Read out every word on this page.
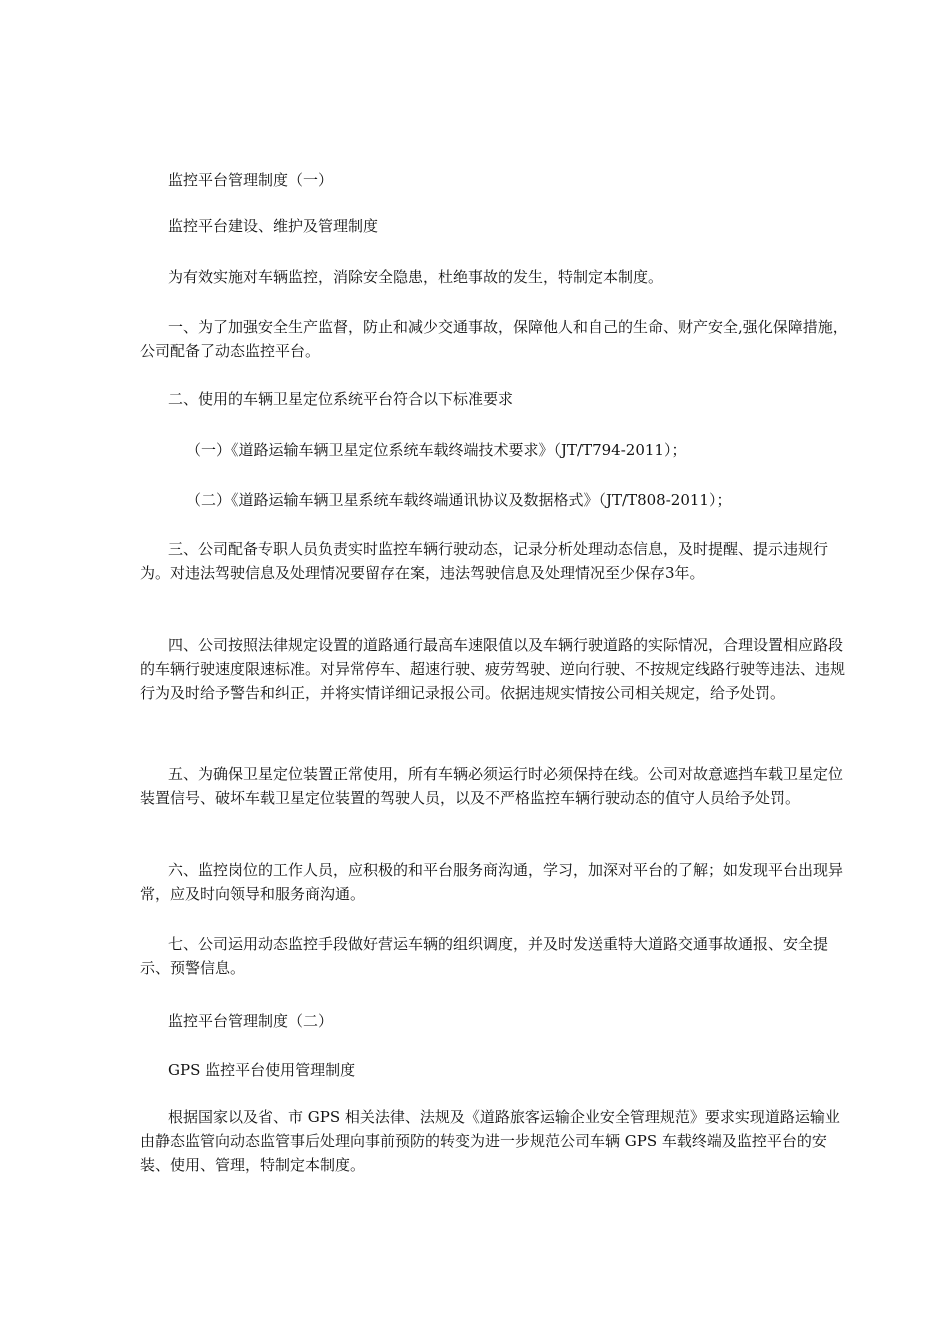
监控平台管理制度（一）

监控平台建设、维护及管理制度

为有效实施对车辆监控，消除安全隐患，杜绝事故的发生，特制定本制度。

一、为了加强安全生产监督，防止和减少交通事故，保障他人和自己的生命、财产安全,强化保障措施，公司配备了动态监控平台。

二、使用的车辆卫星定位系统平台符合以下标准要求

（一）《道路运输车辆卫星定位系统车载终端技术要求》（JT/T794-2011）；

（二）《道路运输车辆卫星系统车载终端通讯协议及数据格式》（JT/T808-2011）；

三、公司配备专职人员负责实时监控车辆行驶动态，记录分析处理动态信息，及时提醒、提示违规行为。对违法驾驶信息及处理情况要留存在案，违法驾驶信息及处理情况至少保存3年。

四、公司按照法律规定设置的道路通行最高车速限值以及车辆行驶道路的实际情况，合理设置相应路段的车辆行驶速度限速标准。对异常停车、超速行驶、疲劳驾驶、逆向行驶、不按规定线路行驶等违法、违规行为及时给予警告和纠正，并将实情详细记录报公司。依据违规实情按公司相关规定，给予处罚。

五、为确保卫星定位装置正常使用，所有车辆必须运行时必须保持在线。公司对故意遮挡车载卫星定位装置信号、破坏车载卫星定位装置的驾驶人员，以及不严格监控车辆行驶动态的值守人员给予处罚。

六、监控岗位的工作人员，应积极的和平台服务商沟通，学习，加深对平台的了解；如发现平台出现异常，应及时向领导和服务商沟通。

七、公司运用动态监控手段做好营运车辆的组织调度，并及时发送重特大道路交通事故通报、安全提示、预警信息。

监控平台管理制度（二）

GPS 监控平台使用管理制度

根据国家以及省、市 GPS 相关法律、法规及《道路旅客运输企业安全管理规范》要求实现道路运输业由静态监管向动态监管事后处理向事前预防的转变为进一步规范公司车辆 GPS 车载终端及监控平台的安装、使用、管理，特制定本制度。
